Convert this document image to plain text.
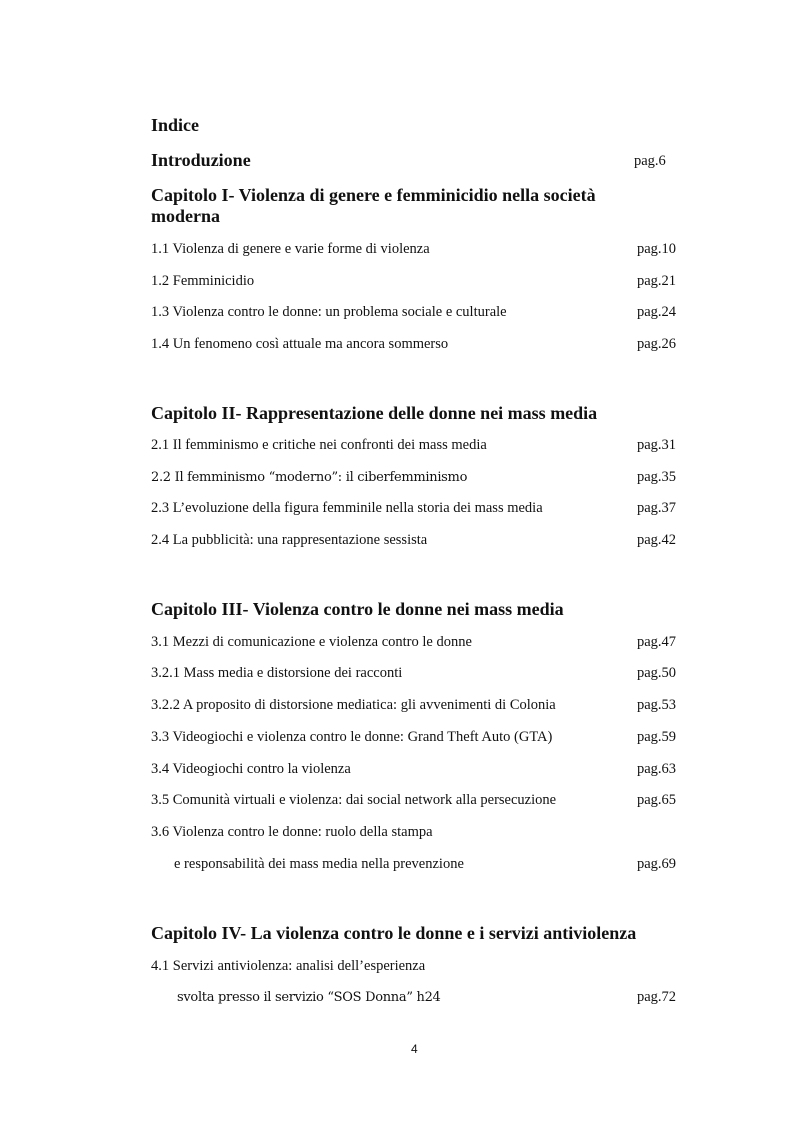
Indice
Introduzione	pag.6
Capitolo I- Violenza di genere e femminicidio nella società
moderna
1.1 Violenza di genere e varie forme di violenza	pag.10
1.2 Femminicidio	pag.21
1.3 Violenza contro le donne: un problema sociale e culturale	pag.24
1.4 Un fenomeno così attuale ma ancora sommerso	pag.26
Capitolo II- Rappresentazione delle donne nei mass media
2.1 Il femminismo e critiche nei confronti dei mass media	pag.31
2.2 Il femminismo “moderno”: il ciberfemminismo	pag.35
2.3 L’evoluzione della figura femminile nella storia dei mass media	pag.37
2.4 La pubblicità: una rappresentazione sessista	pag.42
Capitolo III- Violenza contro le donne nei mass media
3.1 Mezzi di comunicazione e violenza contro le donne	pag.47
3.2.1 Mass media e distorsione dei racconti	pag.50
3.2.2 A proposito di distorsione mediatica: gli avvenimenti di Colonia	pag.53
3.3 Videogiochi e violenza contro le donne: Grand Theft Auto (GTA)	pag.59
3.4 Videogiochi contro la violenza	pag.63
3.5 Comunità virtuali e violenza: dai social network alla persecuzione	pag.65
3.6 Violenza contro le donne: ruolo della stampa
e responsabilità dei mass media nella prevenzione	pag.69
Capitolo IV- La violenza contro le donne e i servizi antiviolenza
4.1 Servizi antiviolenza: analisi dell’esperienza
svolta presso il servizio “SOS Donna” h24	pag.72
4
